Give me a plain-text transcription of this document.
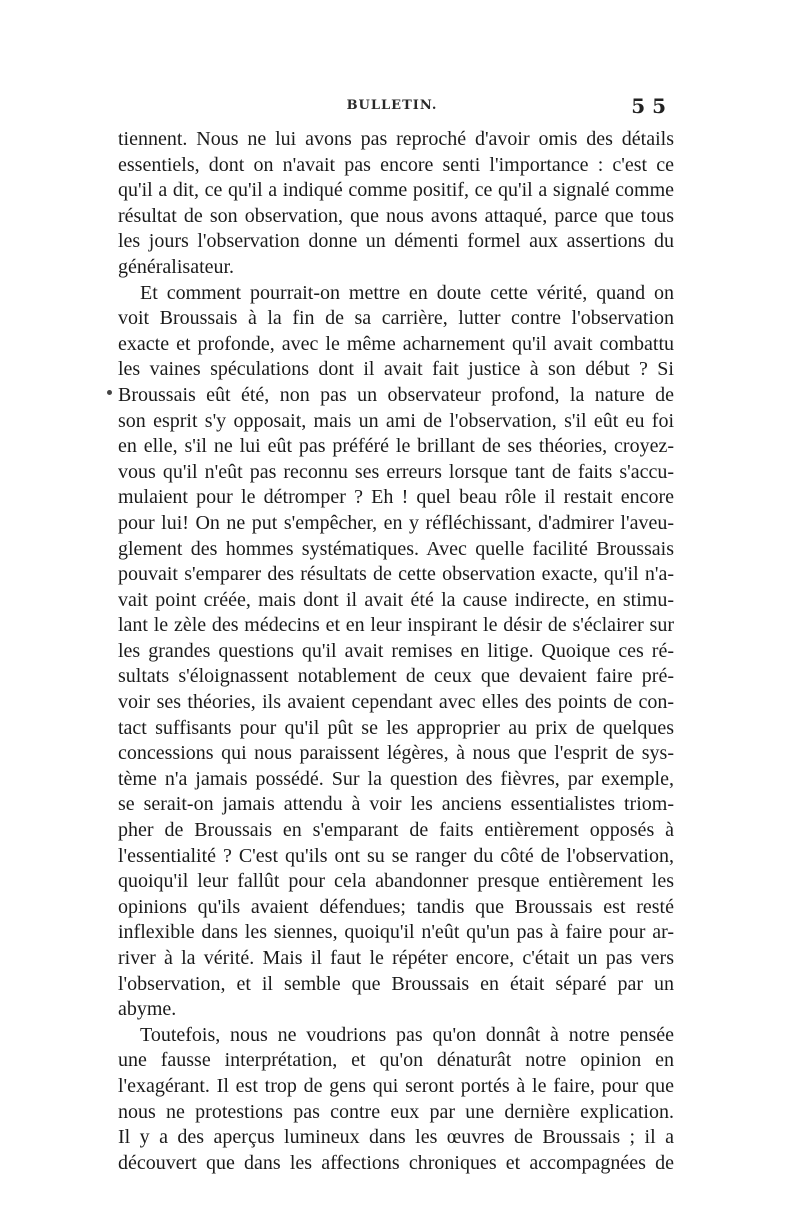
BULLETIN.	5 5
tiennent. Nous ne lui avons pas reproché d'avoir omis des détails
essentiels, dont on n'avait pas encore senti l'importance : c'est ce
qu'il a dit, ce qu'il a indiqué comme positif, ce qu'il a signalé comme
résultat de son observation, que nous avons attaqué, parce que tous
les jours l'observation donne un démenti formel aux assertions du
généralisateur.
Et comment pourrait-on mettre en doute cette vérité, quand on
voit Broussais à la fin de sa carrière, lutter contre l'observation
exacte et profonde, avec le même acharnement qu'il avait combattu
les vaines spéculations dont il avait fait justice à son début ? Si
Broussais eût été, non pas un observateur profond, la nature de
son esprit s'y opposait, mais un ami de l'observation, s'il eût eu foi
en elle, s'il ne lui eût pas préféré le brillant de ses théories, croyez-
vous qu'il n'eût pas reconnu ses erreurs lorsque tant de faits s'accu-
mulaient pour le détromper ? Eh ! quel beau rôle il restait encore
pour lui! On ne put s'empêcher, en y réfléchissant, d'admirer l'aveu-
glement des hommes systématiques. Avec quelle facilité Broussais
pouvait s'emparer des résultats de cette observation exacte, qu'il n'a-
vait point créée, mais dont il avait été la cause indirecte, en stimu-
lant le zèle des médecins et en leur inspirant le désir de s'éclairer sur
les grandes questions qu'il avait remises en litige. Quoique ces ré-
sultats s'éloignassent notablement de ceux que devaient faire pré-
voir ses théories, ils avaient cependant avec elles des points de con-
tact suffisants pour qu'il pût se les approprier au prix de quelques
concessions qui nous paraissent légères, à nous que l'esprit de sys-
tème n'a jamais possédé. Sur la question des fièvres, par exemple,
se serait-on jamais attendu à voir les anciens essentialistes triom-
pher de Broussais en s'emparant de faits entièrement opposés à
l'essentialité ? C'est qu'ils ont su se ranger du côté de l'observation,
quoiqu'il leur fallût pour cela abandonner presque entièrement les
opinions qu'ils avaient défendues; tandis que Broussais est resté
inflexible dans les siennes, quoiqu'il n'eût qu'un pas à faire pour ar-
river à la vérité. Mais il faut le répéter encore, c'était un pas vers
l'observation, et il semble que Broussais en était séparé par un
abyme.
Toutefois, nous ne voudrions pas qu'on donnât à notre pensée
une fausse interprétation, et qu'on dénaturât notre opinion en
l'exagérant. Il est trop de gens qui seront portés à le faire, pour que
nous ne protestions pas contre eux par une dernière explication.
Il y a des aperçus lumineux dans les œuvres de Broussais ; il a
découvert que dans les affections chroniques et accompagnées de
